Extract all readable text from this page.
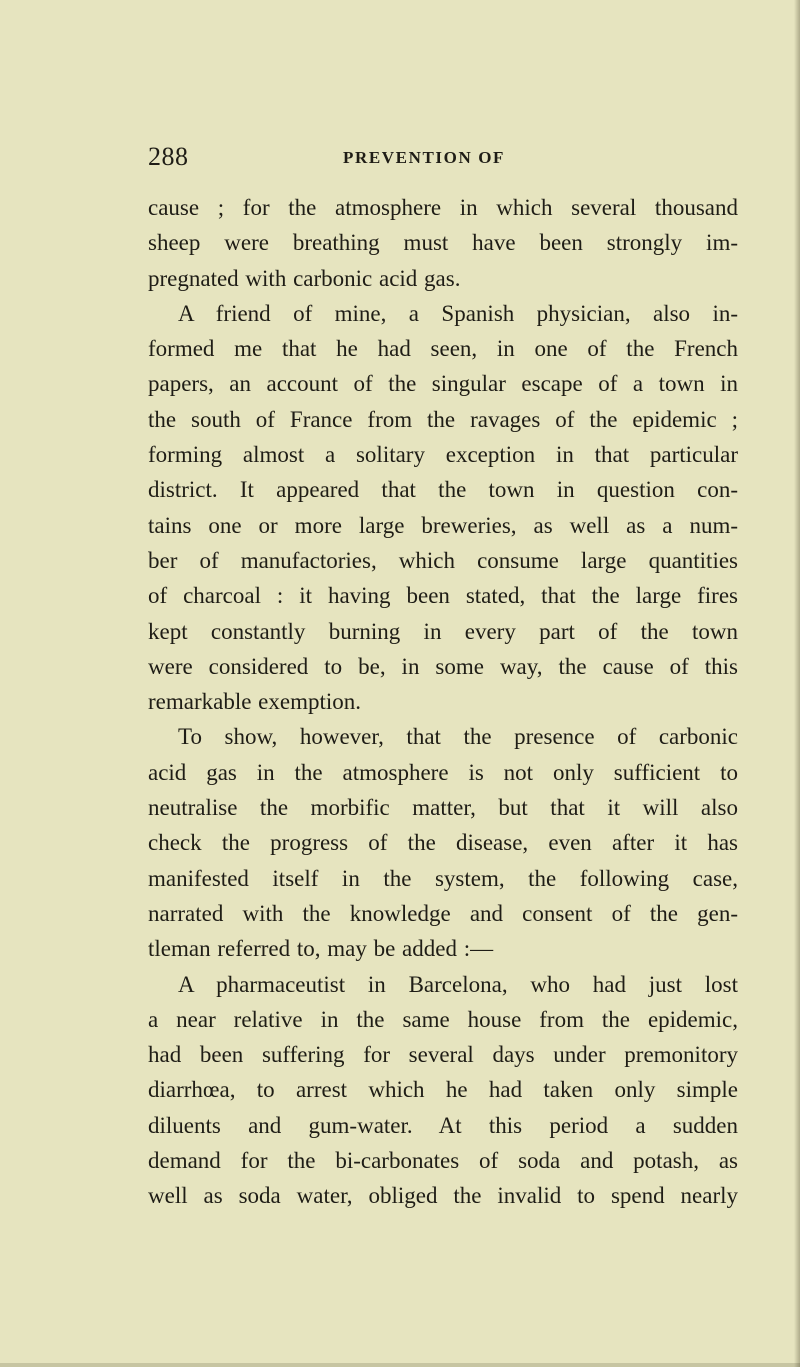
288	PREVENTION OF
cause ; for the atmosphere in which several thousand
sheep were breathing must have been strongly im-
pregnated with carbonic acid gas.
A friend of mine, a Spanish physician, also in-
formed me that he had seen, in one of the French
papers, an account of the singular escape of a town in
the south of France from the ravages of the epidemic ;
forming almost a solitary exception in that particular
district. It appeared that the town in question con-
tains one or more large breweries, as well as a num-
ber of manufactories, which consume large quantities
of charcoal : it having been stated, that the large fires
kept constantly burning in every part of the town
were considered to be, in some way, the cause of this
remarkable exemption.
To show, however, that the presence of carbonic
acid gas in the atmosphere is not only sufficient to
neutralise the morbific matter, but that it will also
check the progress of the disease, even after it has
manifested itself in the system, the following case,
narrated with the knowledge and consent of the gen-
tleman referred to, may be added :—
A pharmaceutist in Barcelona, who had just lost
a near relative in the same house from the epidemic,
had been suffering for several days under premonitory
diarrhœa, to arrest which he had taken only simple
diluents and gum-water. At this period a sudden
demand for the bi-carbonates of soda and potash, as
well as soda water, obliged the invalid to spend nearly
